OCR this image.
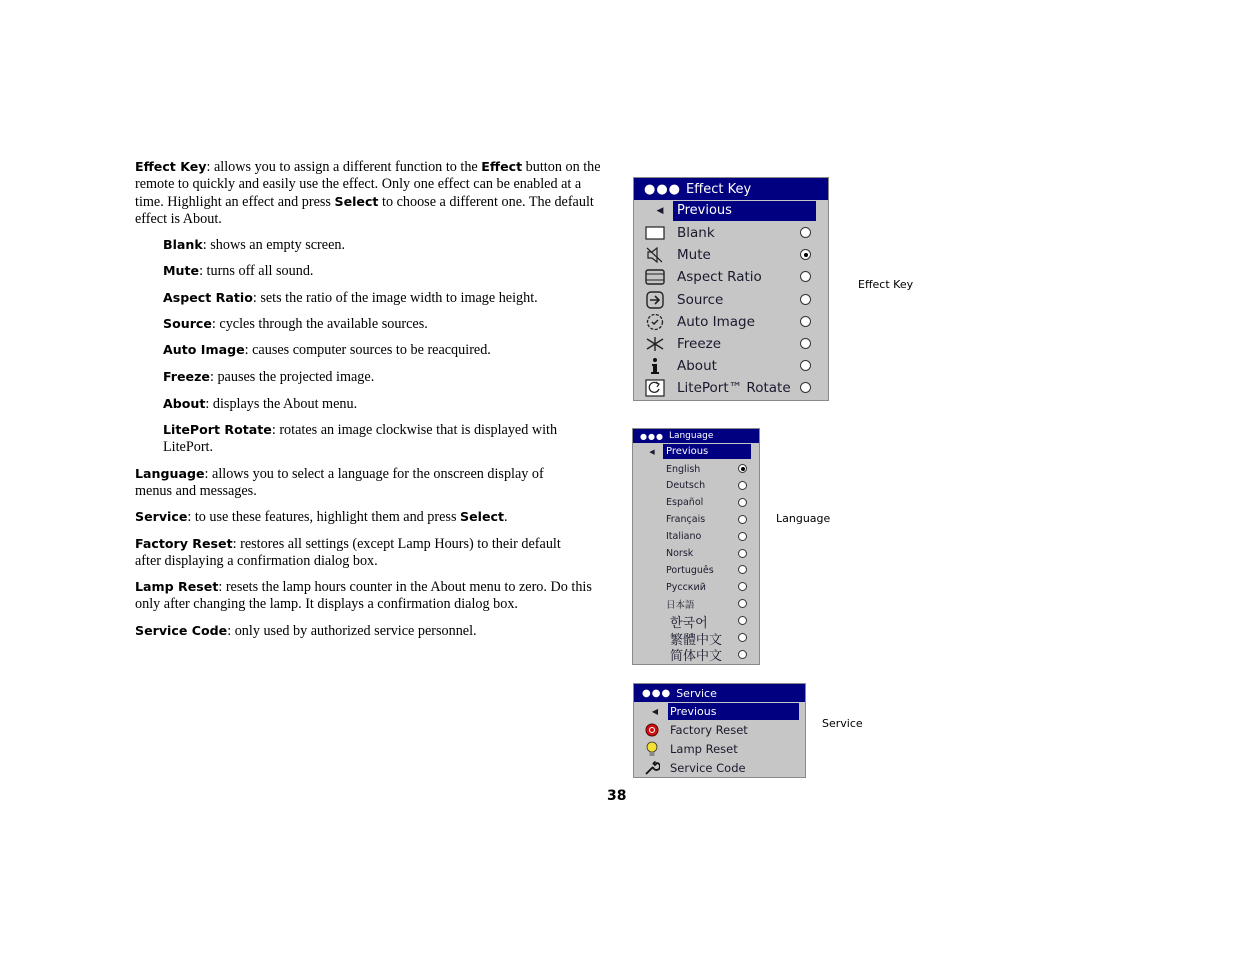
Effect Key: allows you to assign a different function to the Effect button on the remote to quickly and easily use the effect. Only one effect can be enabled at a time. Highlight an effect and press Select to choose a different one. The default effect is About.

Blank: shows an empty screen.

Mute: turns off all sound.

Aspect Ratio: sets the ratio of the image width to image height.

Source: cycles through the available sources.

Auto Image: causes computer sources to be reacquired.

Freeze: pauses the projected image.

About: displays the About menu.

LitePort Rotate: rotates an image clockwise that is displayed with LitePort.

Language: allows you to select a language for the onscreen display of menus and messages.

Service: to use these features, highlight them and press Select.

Factory Reset: restores all settings (except Lamp Hours) to their default after displaying a confirmation dialog box.

Lamp Reset: resets the lamp hours counter in the About menu to zero. Do this only after changing the lamp. It displays a confirmation dialog box.

Service Code: only used by authorized service personnel.

●●● Effect Key
◀	Previous
Blank
Mute
Aspect Ratio
Source
Auto Image
Freeze
About
LitePort™ Rotate
Effect Key
●●● Language
◀	Previous
English
Deutsch
Español
Français
Italiano
Norsk
Português
Русский
日本語
한국어
繁體中文
简体中文
Language
●●● Service
◀ Previous
Factory Reset
Lamp Reset
Service Code
Service
38
